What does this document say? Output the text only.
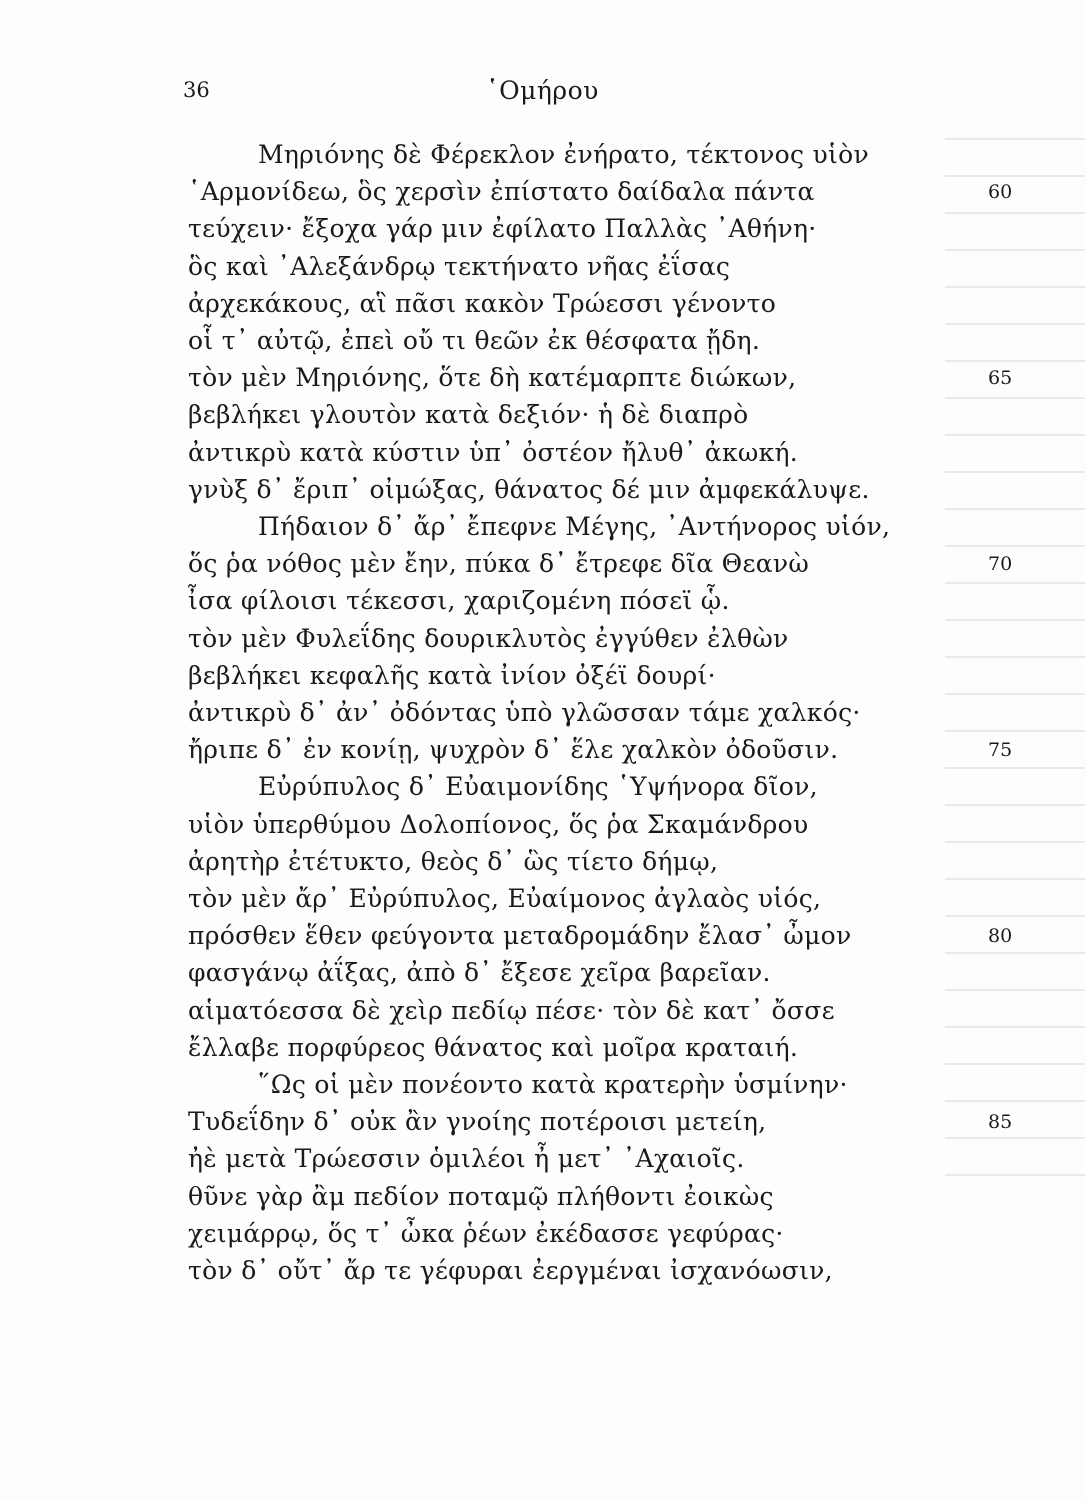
36	῾Ομήρου
Μηριόνης δὲ Φέρεκλον ἐνήρατο, τέκτονος υἱὸν
῾Αρμονίδεω, ὃς χερσὶν ἐπίστατο δαίδαλα πάντα	60
τεύχειν· ἔξοχα γάρ μιν ἐφίλατο Παλλὰς ᾿Αθήνη·
ὃς καὶ ᾿Αλεξάνδρῳ τεκτήνατο νῆας ἐΐσας
ἀρχεκάκους, αἳ πᾶσι κακὸν Τρώεσσι γένοντο
οἷ τ᾿ αὐτῷ, ἐπεὶ οὔ τι θεῶν ἐκ θέσφατα ᾔδη.
τὸν μὲν Μηριόνης, ὅτε δὴ κατέμαρπτε διώκων,	65
βεβλήκει γλουτὸν κατὰ δεξιόν· ἡ δὲ διαπρὸ
ἀντικρὺ κατὰ κύστιν ὑπ᾿ ὀστέον ἤλυθ᾿ ἀκωκή.
γνὺξ δ᾿ ἔριπ᾿ οἰμώξας, θάνατος δέ μιν ἀμφεκάλυψε.
Πήδαιον δ᾿ ἄρ᾿ ἔπεφνε Μέγης, ᾿Αντήνορος υἱόν,
ὅς ῥα νόθος μὲν ἔην, πύκα δ᾿ ἔτρεφε δῖα Θεανὼ	70
ἶσα φίλοισι τέκεσσι, χαριζομένη πόσεϊ ᾧ.
τὸν μὲν Φυλεΐδης δουρικλυτὸς ἐγγύθεν ἐλθὼν
βεβλήκει κεφαλῆς κατὰ ἰνίον ὀξέϊ δουρί·
ἀντικρὺ δ᾿ ἀν᾿ ὀδόντας ὑπὸ γλῶσσαν τάμε χαλκός·
ἤριπε δ᾿ ἐν κονίῃ, ψυχρὸν δ᾿ ἕλε χαλκὸν ὀδοῦσιν.	75
Εὐρύπυλος δ᾿ Εὐαιμονίδης ῾Υψήνορα δῖον,
υἱὸν ὑπερθύμου Δολοπίονος, ὅς ῥα Σκαμάνδρου
ἀρητὴρ ἐτέτυκτο, θεὸς δ᾿ ὣς τίετο δήμῳ,
τὸν μὲν ἄρ᾿ Εὐρύπυλος, Εὐαίμονος ἀγλαὸς υἱός,
πρόσθεν ἕθεν φεύγοντα μεταδρομάδην ἔλασ᾿ ὦμον	80
φασγάνῳ ἀΐξας, ἀπὸ δ᾿ ἔξεσε χεῖρα βαρεῖαν.
αἱματόεσσα δὲ χεὶρ πεδίῳ πέσε· τὸν δὲ κατ᾿ ὄσσε
ἔλλαβε πορφύρεος θάνατος καὶ μοῖρα κραταιή.
῞Ως οἱ μὲν πονέοντο κατὰ κρατερὴν ὑσμίνην·
Τυδεΐδην δ᾿ οὐκ ἂν γνοίης ποτέροισι μετείη,	85
ἠὲ μετὰ Τρώεσσιν ὁμιλέοι ἦ μετ᾿ ᾿Αχαιοῖς.
θῦνε γὰρ ἂμ πεδίον ποταμῷ πλήθοντι ἐοικὼς
χειμάρρῳ, ὅς τ᾿ ὦκα ῥέων ἐκέδασσε γεφύρας·
τὸν δ᾿ οὔτ᾿ ἄρ τε γέφυραι ἐεργμέναι ἰσχανόωσιν,
